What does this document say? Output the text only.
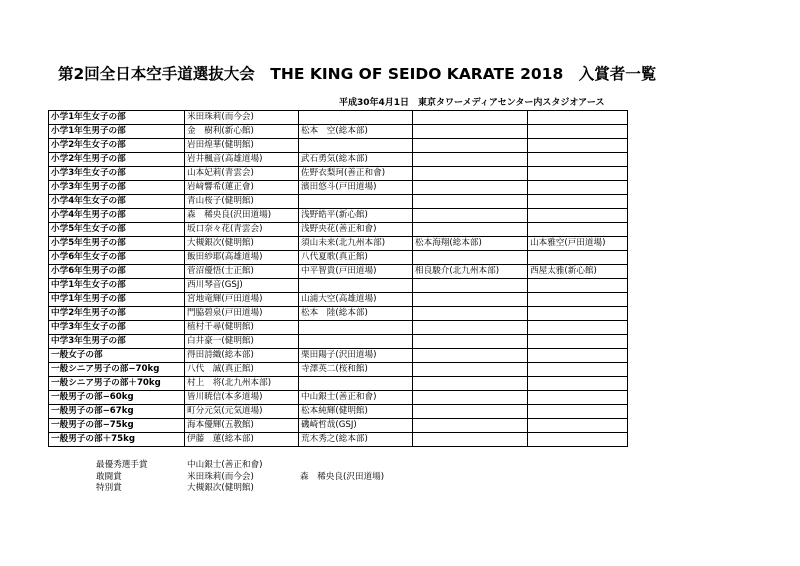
第2回全日本空手道選抜大会　THE KING OF SEIDO KARATE 2018　入賞者一覧
平成30年4月1日　東京タワーメディアセンター内スタジオアース
小学1年生女子の部	米田珠莉(而今会)			
小学1年生男子の部	金　樹利(新心館)	松本　空(総本部)		
小学2年生女子の部	岩田煌華(健明館)			
小学2年生男子の部	岩井楓音(高雄道場)	武石勇気(総本部)		
小学3年生女子の部	山本妃莉(青雲会)	佐野衣梨珂(善正和會)		
小学3年生男子の部	岩﨑響希(蓮正會)	濱田悠斗(戸田道場)		
小学4年生女子の部	青山桜子(健明館)			
小学4年生男子の部	森　稀央良(沢田道場)	浅野皓平(新心館)		
小学5年生女子の部	坂口奈々花(青雲会)	浅野央花(善正和會)		
小学5年生男子の部	大槻銀次(健明館)	須山未来(北九州本部)	松本海翔(総本部)	山本雅空(戸田道場)
小学6年生女子の部	飯田紗耶(高雄道場)	八代夏歌(真正館)		
小学6年生男子の部	菅沼優悟(士正館)	中平智貴(戸田道場)	相良駿介(北九州本部)	西屋太雅(新心館)
中学1年生女子の部	西川琴音(GSJ)			
中学1年生男子の部	宮地竜輝(戸田道場)	山浦大空(高雄道場)		
中学2年生男子の部	門脇碧泉(戸田道場)	松本　陸(総本部)		
中学3年生女子の部	植村千尋(健明館)			
中学3年生男子の部	白井豪一(健明館)			
一般女子の部	得田詩織(総本部)	栗田陽子(沢田道場)		
一般シニア男子の部−70kg	八代　誠(真正館)	寺澤英二(桜和館)		
一般シニア男子の部＋70kg	村上　将(北九州本部)			
一般男子の部−60kg	皆川暁信(本多道場)	中山銀士(善正和會)		
一般男子の部−67kg	町分元気(元気道場)	松本純輝(健明館)		
一般男子の部−75kg	海本優輝(五教館)	磯崎哲哉(GSJ)		
一般男子の部＋75kg	伊藤　蓮(総本部)	荒木秀之(総本部)		
最優秀選手賞	中山銀士(善正和會)
敢闘賞	米田珠莉(而今会)	森　稀央良(沢田道場)
特別賞	大槻銀次(健明館)
